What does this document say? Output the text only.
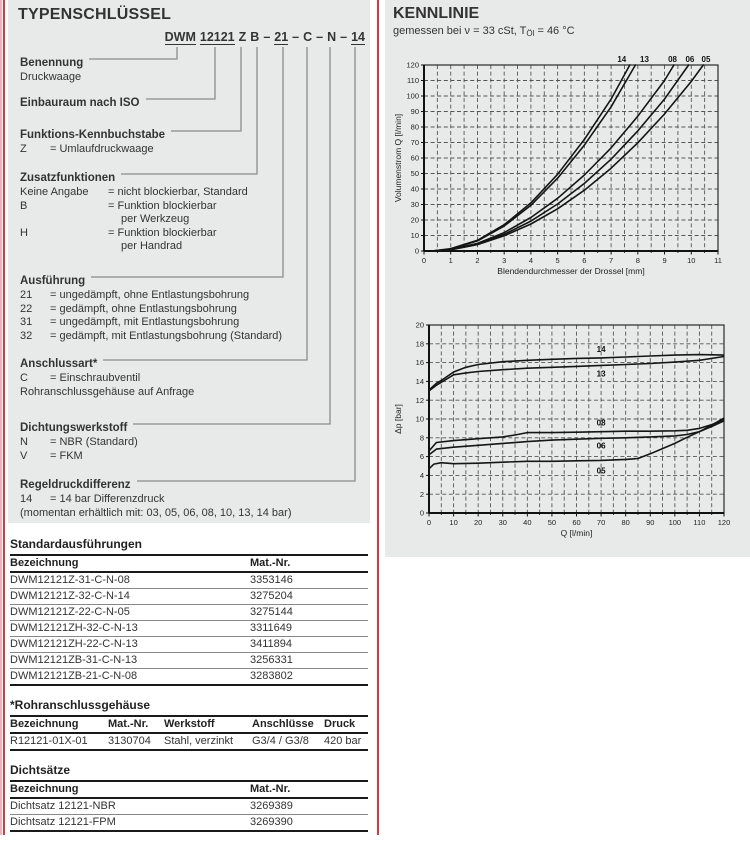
TYPENSCHLÜSSEL
DWM 12121 Z B – 21 – C – N – 14
Benennung
Druckwaage
Einbauraum nach ISO
Funktions-Kennbuchstabe
Z = Umlaufdruckwaage
Zusatzfunktionen
Keine Angabe = nicht blockierbar, Standard
B	= Funktion blockierbar
per Werkzeug
H	= Funktion blockierbar
per Handrad
Ausführung
21 = ungedämpft, ohne Entlastungsbohrung
22 = gedämpft, ohne Entlastungsbohrung
31 = ungedämpft, mit Entlastungsbohrung
32 = gedämpft, mit Entlastungsbohrung (Standard)
Anschlussart*
C = Einschraubventil
Rohranschlussgehäuse auf Anfrage
Dichtungswerkstoff
N = NBR (Standard)
V = FKM
Regeldruckdifferenz
14 = 14 bar Differenzdruck
(momentan erhältlich mit: 03, 05, 06, 08, 10, 13, 14 bar)
Standardausführungen
Bezeichnung	Mat.-Nr.
DWM12121Z-31-C-N-08	3353146
DWM12121Z-32-C-N-14	3275204
DWM12121Z-22-C-N-05	3275144
DWM12121ZH-32-C-N-13	3311649
DWM12121ZH-22-C-N-13	3411894
DWM12121ZB-31-C-N-13	3256331
DWM12121ZB-21-C-N-08	3283802
*Rohranschlussgehäuse
Bezeichnung	Mat.-Nr.	Werkstoff	Anschlüsse	Druck
R12121-01X-01	3130704	Stahl, verzinkt	G3/4 / G3/8	420 bar
Dichtsätze
Bezeichnung	Mat.-Nr.
Dichtsatz 12121-NBR	3269389
Dichtsatz 12121-FPM	3269390
KENNLINIE
gemessen bei ν = 33 cSt, $T_{Öl} = 46$ °C
0	1	2	3	4	5	6	7	8	9	10 11
0
10
20
30
40
50
60
70
80
90
100
110
120
Blendendurchmesser der Drossel [mm]
Volumenstrom Q [l/min]
14 13 08 06 05
0 10 20 30 40 50 60 70 80 90 100 110 120
0
2
4
6
8
10
12
14
16
18
20
Q [l/min]
Δp [bar]
14
13
08
06
05
